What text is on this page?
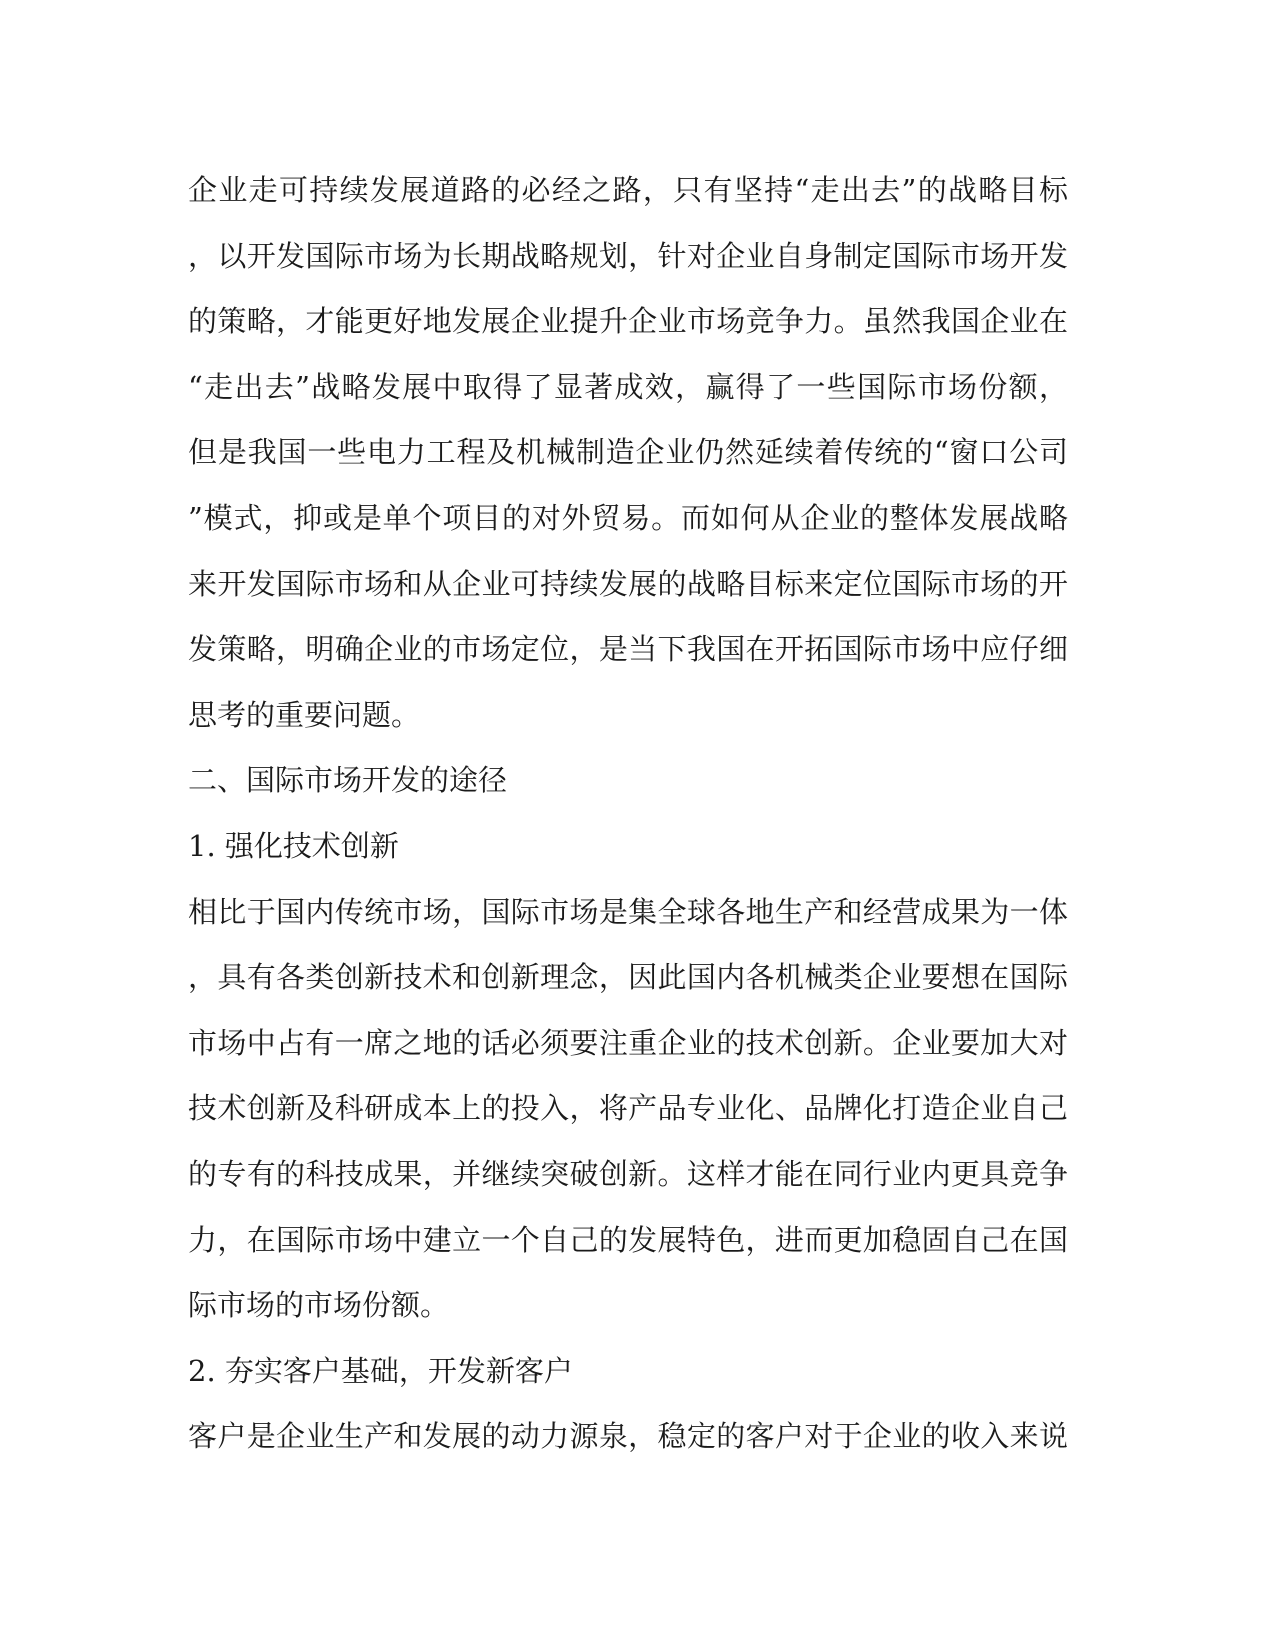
企业走可持续发展道路的必经之路，只有坚持“走出去”的战略目标
，以开发国际市场为长期战略规划，针对企业自身制定国际市场开发
的策略，才能更好地发展企业提升企业市场竞争力。虽然我国企业在
“走出去”战略发展中取得了显著成效，赢得了一些国际市场份额，
但是我国一些电力工程及机械制造企业仍然延续着传统的“窗口公司
”模式，抑或是单个项目的对外贸易。而如何从企业的整体发展战略
来开发国际市场和从企业可持续发展的战略目标来定位国际市场的开
发策略，明确企业的市场定位，是当下我国在开拓国际市场中应仔细
思考的重要问题。
二、国际市场开发的途径
1. 强化技术创新
相比于国内传统市场，国际市场是集全球各地生产和经营成果为一体
，具有各类创新技术和创新理念，因此国内各机械类企业要想在国际
市场中占有一席之地的话必须要注重企业的技术创新。企业要加大对
技术创新及科研成本上的投入，将产品专业化、品牌化打造企业自己
的专有的科技成果，并继续突破创新。这样才能在同行业内更具竞争
力，在国际市场中建立一个自己的发展特色，进而更加稳固自己在国
际市场的市场份额。
2. 夯实客户基础，开发新客户
客户是企业生产和发展的动力源泉，稳定的客户对于企业的收入来说
